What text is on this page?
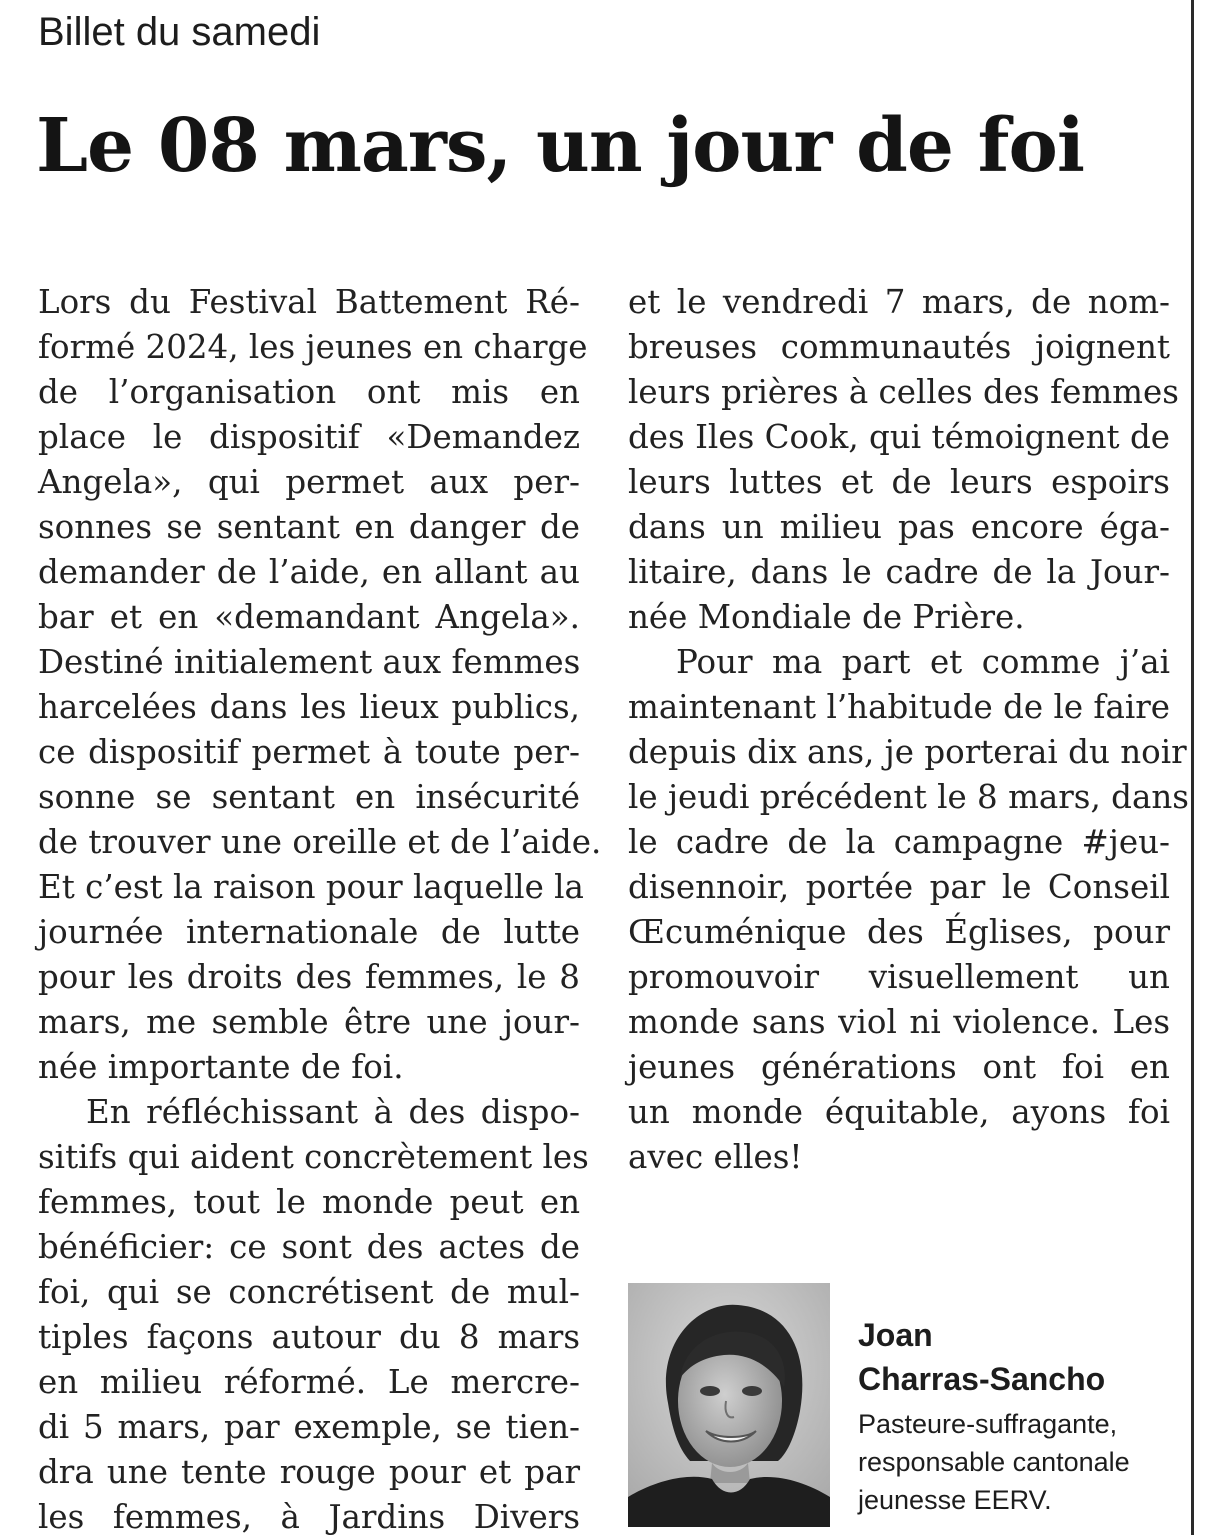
Billet du samedi
Le 08 mars, un jour de foi
Lors du Festival Battement Ré-
formé 2024, les jeunes en charge
de l’organisation ont mis en
place le dispositif «Demandez
Angela», qui permet aux per-
sonnes se sentant en danger de
demander de l’aide, en allant au
bar et en «demandant Angela».
Destiné initialement aux femmes
harcelées dans les lieux publics,
ce dispositif permet à toute per-
sonne se sentant en insécurité
de trouver une oreille et de l’aide.
Et c’est la raison pour laquelle la
journée internationale de lutte
pour les droits des femmes, le 8
mars, me semble être une jour-
née importante de foi.
En réfléchissant à des dispo-
sitifs qui aident concrètement les
femmes, tout le monde peut en
bénéficier: ce sont des actes de
foi, qui se concrétisent de mul-
tiples façons autour du 8 mars
en milieu réformé. Le mercre-
di 5 mars, par exemple, se tien-
dra une tente rouge pour et par
les femmes, à Jardins Divers
et le vendredi 7 mars, de nom-
breuses communautés joignent
leurs prières à celles des femmes
des Iles Cook, qui témoignent de
leurs luttes et de leurs espoirs
dans un milieu pas encore éga-
litaire, dans le cadre de la Jour-
née Mondiale de Prière.
Pour ma part et comme j’ai
maintenant l’habitude de le faire
depuis dix ans, je porterai du noir
le jeudi précédent le 8 mars, dans
le cadre de la campagne #jeu-
disennoir, portée par le Conseil
Œcuménique des Églises, pour
promouvoir visuellement un
monde sans viol ni violence. Les
jeunes générations ont foi en
un monde équitable, ayons foi
avec elles!
Joan
Charras-Sancho
Pasteure-suffragante,
responsable cantonale
jeunesse EERV.
